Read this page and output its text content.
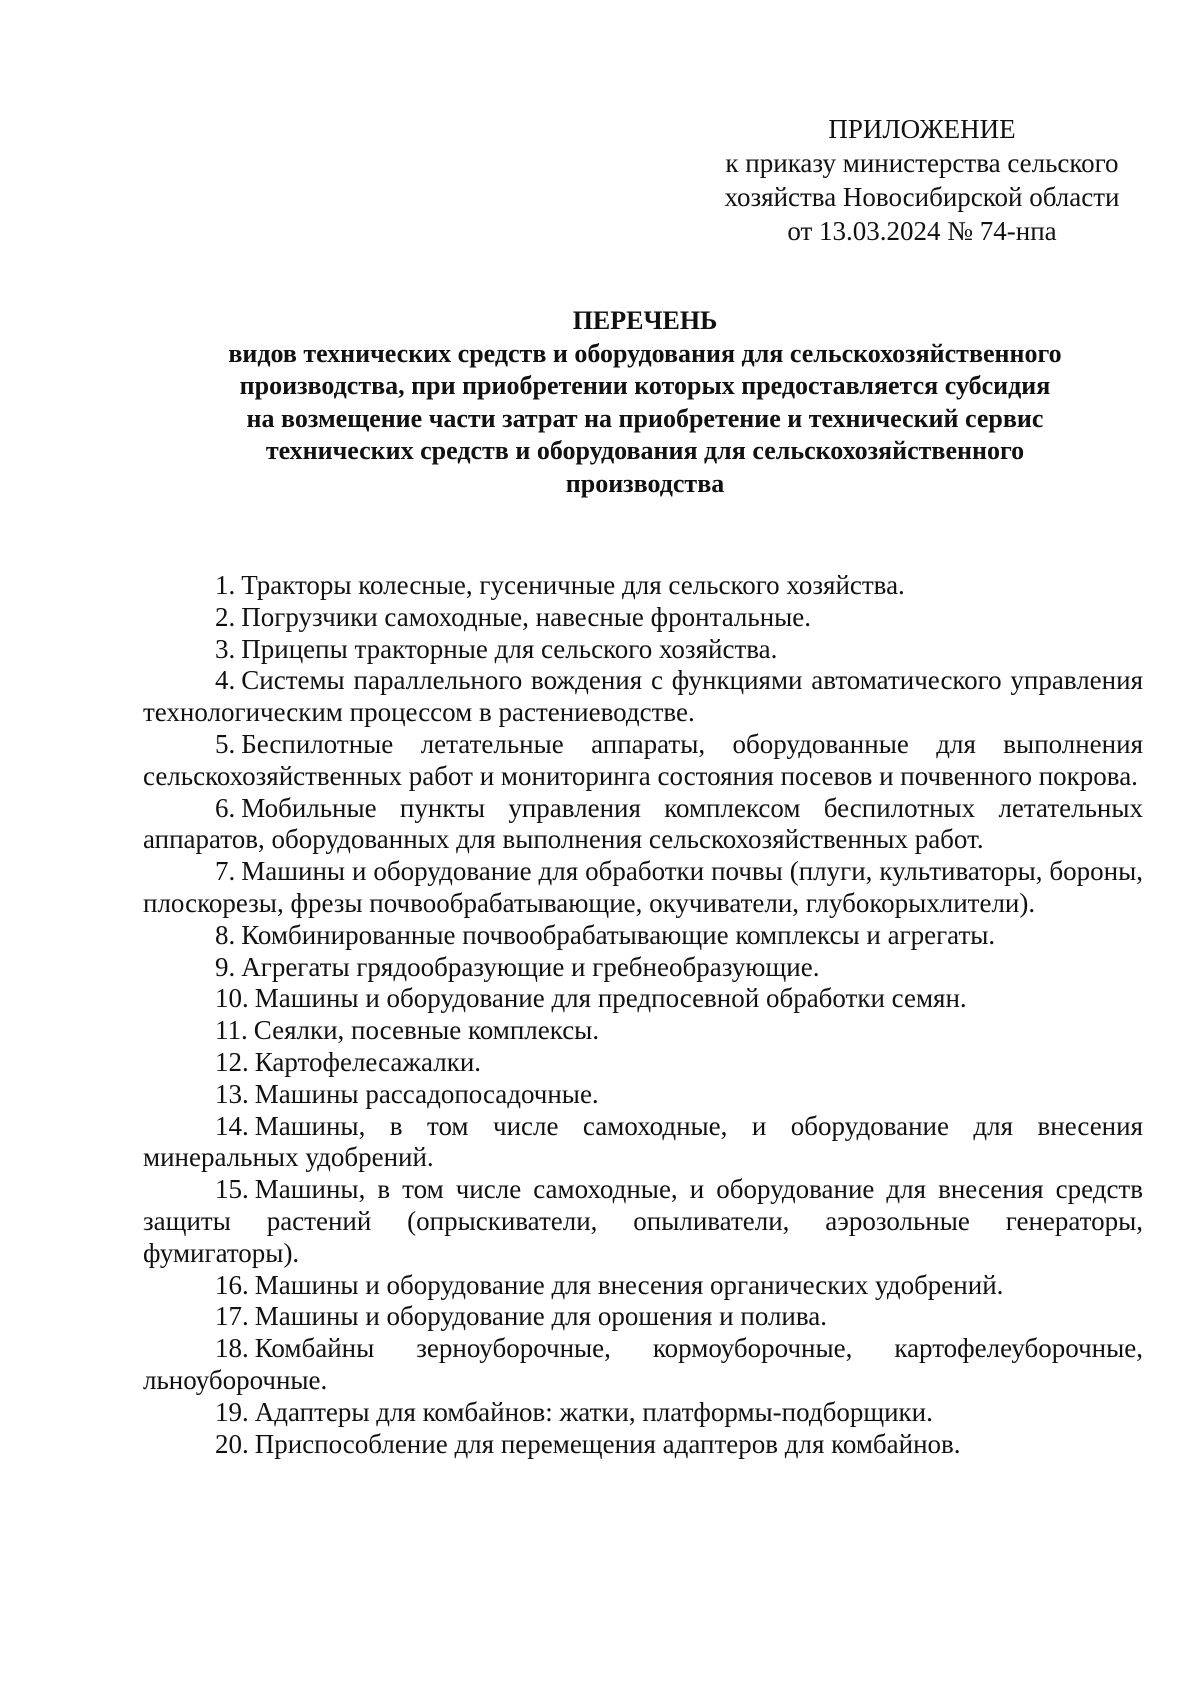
ПРИЛОЖЕНИЕ
к приказу министерства сельского
хозяйства Новосибирской области
от 13.03.2024 № 74-нпа
ПЕРЕЧЕНЬ
видов технических средств и оборудования для сельскохозяйственного
производства, при приобретении которых предоставляется субсидия
на возмещение части затрат на приобретение и технический сервис
технических средств и оборудования для сельскохозяйственного
производства

1. Тракторы колесные, гусеничные для сельского хозяйства.

2. Погрузчики самоходные, навесные фронтальные.

3. Прицепы тракторные для сельского хозяйства.

4. Системы параллельного вождения с функциями автоматического управления технологическим процессом в растениеводстве.

5. Беспилотные летательные аппараты, оборудованные для выполнения сельскохозяйственных работ и мониторинга состояния посевов и почвенного покрова.

6. Мобильные пункты управления комплексом беспилотных летательных аппаратов, оборудованных для выполнения сельскохозяйственных работ.

7. Машины и оборудование для обработки почвы (плуги, культиваторы, бороны, плоскорезы, фрезы почвообрабатывающие, окучиватели, глубокорыхлители).

8. Комбинированные почвообрабатывающие комплексы и агрегаты.

9. Агрегаты грядообразующие и гребнеобразующие.

10. Машины и оборудование для предпосевной обработки семян.

11. Сеялки, посевные комплексы.

12. Картофелесажалки.

13. Машины рассадопосадочные.

14. Машины, в том числе самоходные, и оборудование для внесения минеральных удобрений.

15. Машины, в том числе самоходные, и оборудование для внесения средств защиты растений (опрыскиватели, опыливатели, аэрозольные генераторы, фумигаторы).

16. Машины и оборудование для внесения органических удобрений.

17. Машины и оборудование для орошения и полива.

18. Комбайны зерноуборочные, кормоуборочные, картофелеуборочные, льноуборочные.

19. Адаптеры для комбайнов: жатки, платформы-подборщики.

20. Приспособление для перемещения адаптеров для комбайнов.
